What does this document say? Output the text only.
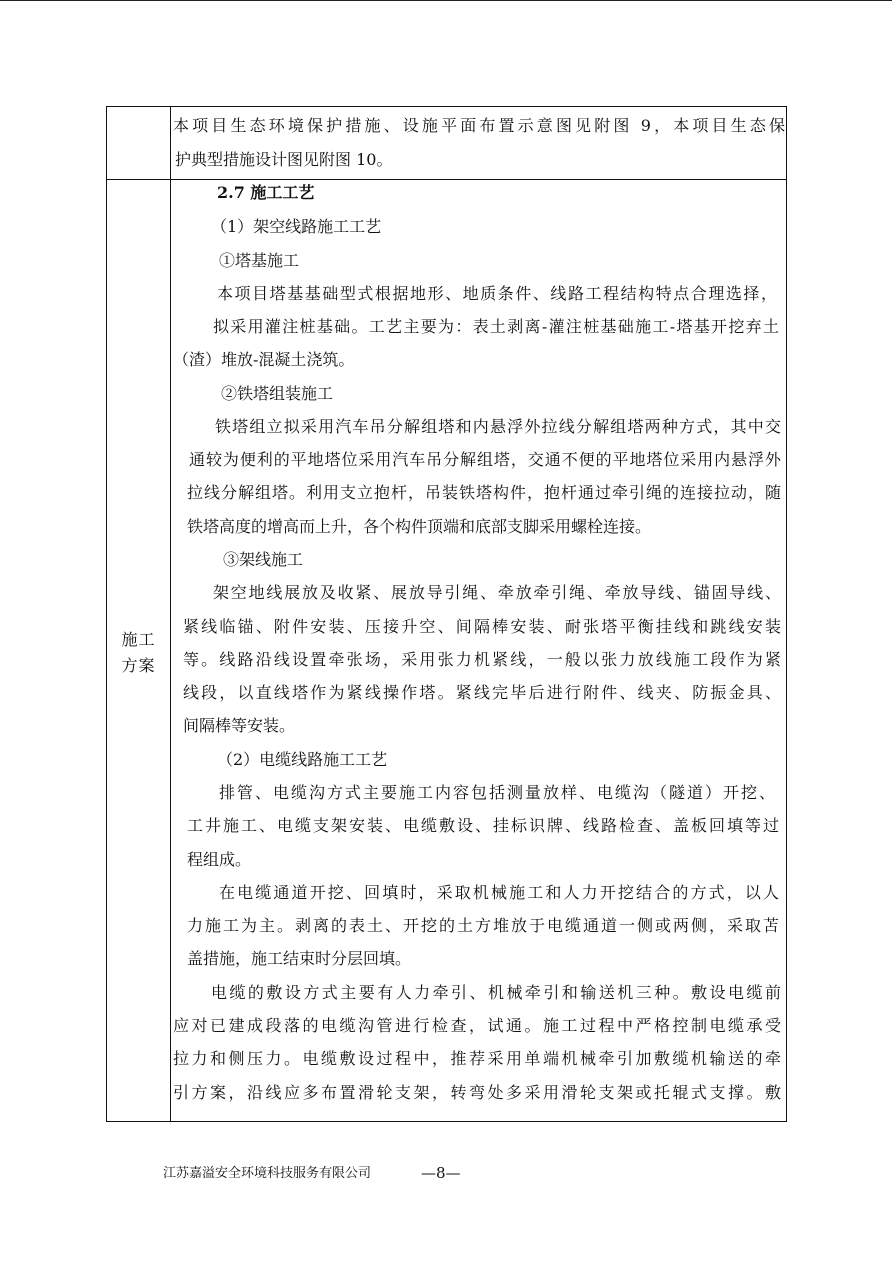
本项目生态环境保护措施、设施平面布置示意图见附图 9，本项目生态保
护典型措施设计图见附图 10。
施工
方案
2.7 施工工艺
（1）架空线路施工工艺
①塔基施工
本项目塔基基础型式根据地形、地质条件、线路工程结构特点合理选择，
拟采用灌注桩基础。工艺主要为：表土剥离-灌注桩基础施工-塔基开挖弃土
（渣）堆放-混凝土浇筑。
②铁塔组装施工
铁塔组立拟采用汽车吊分解组塔和内悬浮外拉线分解组塔两种方式，其中交
通较为便利的平地塔位采用汽车吊分解组塔，交通不便的平地塔位采用内悬浮外
拉线分解组塔。利用支立抱杆，吊装铁塔构件，抱杆通过牵引绳的连接拉动，随
铁塔高度的增高而上升，各个构件顶端和底部支脚采用螺栓连接。
③架线施工
架空地线展放及收紧、展放导引绳、牵放牵引绳、牵放导线、锚固导线、
紧线临锚、附件安装、压接升空、间隔棒安装、耐张塔平衡挂线和跳线安装
等。线路沿线设置牵张场，采用张力机紧线，一般以张力放线施工段作为紧
线段，以直线塔作为紧线操作塔。紧线完毕后进行附件、线夹、防振金具、
间隔棒等安装。
（2）电缆线路施工工艺
排管、电缆沟方式主要施工内容包括测量放样、电缆沟（隧道）开挖、
工井施工、电缆支架安装、电缆敷设、挂标识牌、线路检查、盖板回填等过
程组成。
在电缆通道开挖、回填时，采取机械施工和人力开挖结合的方式，以人
力施工为主。剥离的表土、开挖的土方堆放于电缆通道一侧或两侧，采取苫
盖措施，施工结束时分层回填。
电缆的敷设方式主要有人力牵引、机械牵引和输送机三种。敷设电缆前
应对已建成段落的电缆沟管进行检查，试通。施工过程中严格控制电缆承受
拉力和侧压力。电缆敷设过程中，推荐采用单端机械牵引加敷缆机输送的牵
引方案，沿线应多布置滑轮支架，转弯处多采用滑轮支架或托辊式支撑。敷
江苏嘉溢安全环境科技服务有限公司	—8—
